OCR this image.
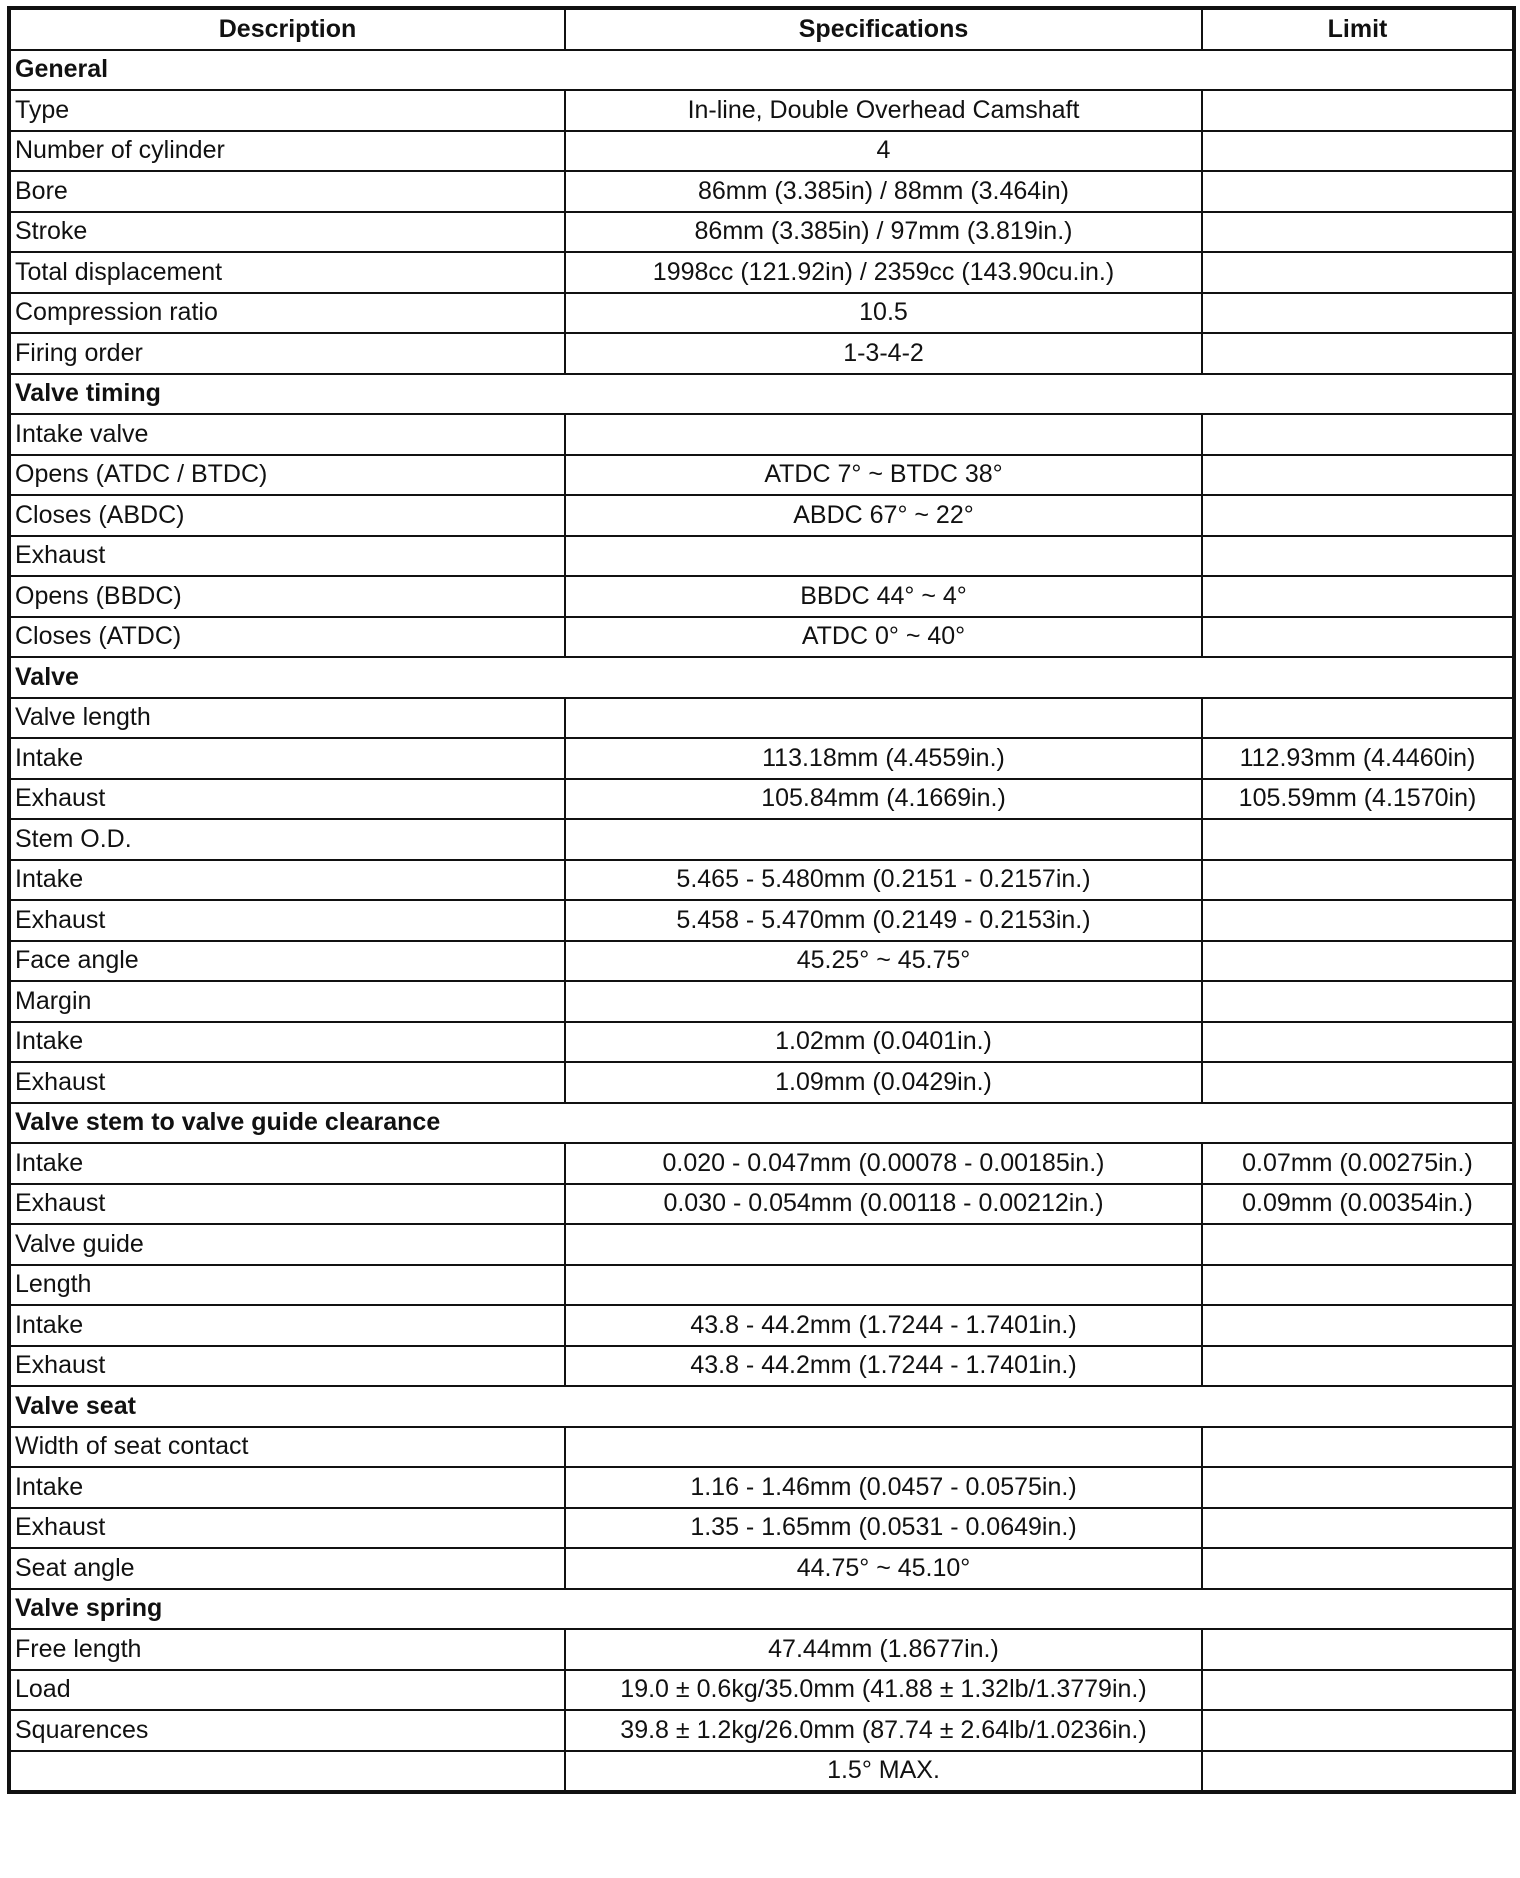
Description	Specifications	Limit
General		
Type	In-line, Double Overhead Camshaft	
Number of cylinder	4	
Bore	86mm (3.385in) / 88mm (3.464in)	
Stroke	86mm (3.385in) / 97mm (3.819in.)	
Total displacement	1998cc (121.92in) / 2359cc (143.90cu.in.)	
Compression ratio	10.5	
Firing order	1-3-4-2	
Valve timing		
Intake valve		
Opens (ATDC / BTDC)	ATDC 7° ~ BTDC 38°	
Closes (ABDC)	ABDC 67° ~ 22°	
Exhaust		
Opens (BBDC)	BBDC 44° ~ 4°	
Closes (ATDC)	ATDC 0° ~ 40°	
Valve		
Valve length		
Intake	113.18mm (4.4559in.)	112.93mm (4.4460in)
Exhaust	105.84mm (4.1669in.)	105.59mm (4.1570in)
Stem O.D.		
Intake	5.465 - 5.480mm (0.2151 - 0.2157in.)	
Exhaust	5.458 - 5.470mm (0.2149 - 0.2153in.)	
Face angle	45.25° ~ 45.75°	
Margin		
Intake	1.02mm (0.0401in.)	
Exhaust	1.09mm (0.0429in.)	
Valve stem to valve guide clearance		
Intake	0.020 - 0.047mm (0.00078 - 0.00185in.)	0.07mm (0.00275in.)
Exhaust	0.030 - 0.054mm (0.00118 - 0.00212in.)	0.09mm (0.00354in.)
Valve guide		
Length		
Intake	43.8 - 44.2mm (1.7244 - 1.7401in.)	
Exhaust	43.8 - 44.2mm (1.7244 - 1.7401in.)	
Valve seat		
Width of seat contact		
Intake	1.16 - 1.46mm (0.0457 - 0.0575in.)	
Exhaust	1.35 - 1.65mm (0.0531 - 0.0649in.)	
Seat angle	44.75° ~ 45.10°	
Valve spring		
Free length	47.44mm (1.8677in.)	
Load	19.0 ± 0.6kg/35.0mm (41.88 ± 1.32lb/1.3779in.)	
Squarences	39.8 ± 1.2kg/26.0mm (87.74 ± 2.64lb/1.0236in.)	
	1.5° MAX.	
